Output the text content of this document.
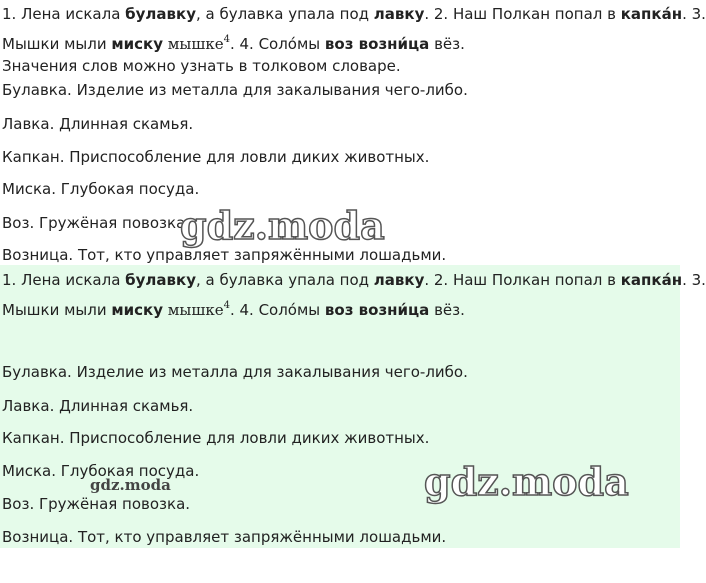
1. Лена искала булавку, а булавка упала под лавку. 2. Наш Полкан попал в капка́н. 3.
Мышки мыли миску мышке$^4$. 4. Соло́мы воз возни́ца вёз.
Значения слов можно узнать в толковом словаре.
Булавка. Изделие из металла для закалывания чего-либо.
Лавка. Длинная скамья.
Капкан. Приспособление для ловли диких животных.
Миска. Глубокая посуда.
Воз. Гружёная повозка.
Возница. Тот, кто управляет запряжёнными лошадьми.
gdz.moda
1. Лена искала булавку, а булавка упала под лавку. 2. Наш Полкан попал в капка́н. 3.
Мышки мыли миску мышке$^4$. 4. Соло́мы воз возни́ца вёз.
Булавка. Изделие из металла для закалывания чего-либо.
Лавка. Длинная скамья.
Капкан. Приспособление для ловли диких животных.
Миска. Глубокая посуда.
Воз. Гружёная повозка.
Возница. Тот, кто управляет запряжёнными лошадьми.
gdz.moda
gdz.moda
